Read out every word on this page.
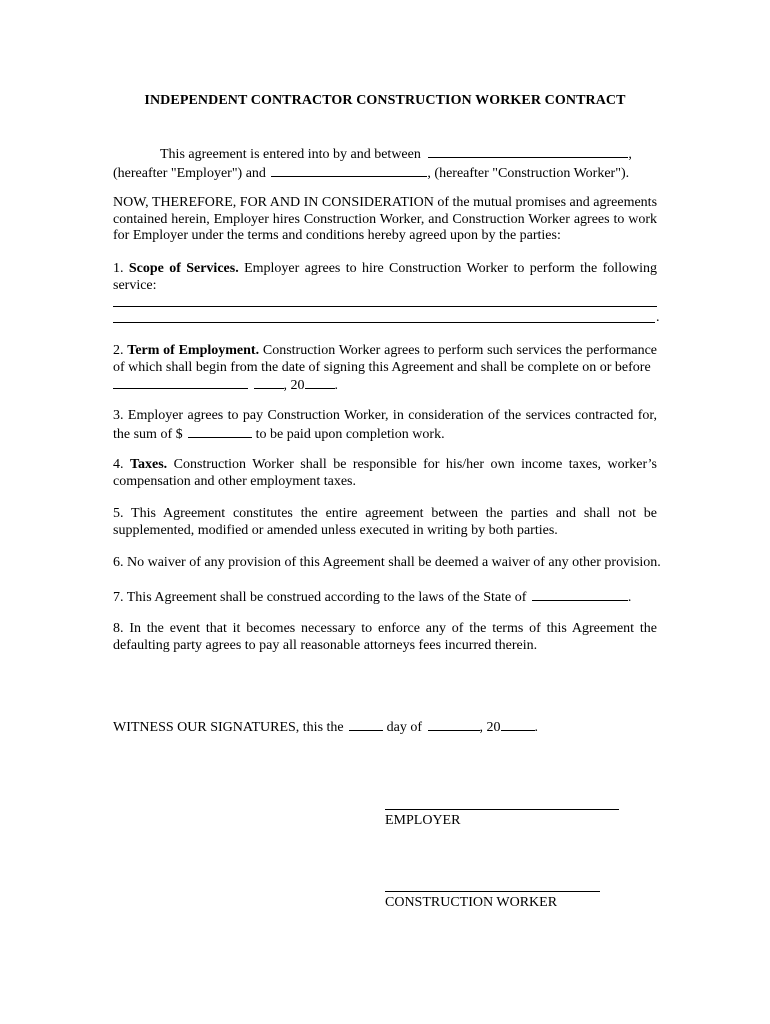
INDEPENDENT CONTRACTOR CONSTRUCTION WORKER CONTRACT
This agreement is entered into by and between	,
(hereafter "Employer") and	, (hereafter "Construction Worker").
NOW, THEREFORE, FOR AND IN CONSIDERATION of the mutual promises and agreements
contained herein, Employer hires Construction Worker, and Construction Worker agrees to work
for Employer under the terms and conditions hereby agreed upon by the parties:
1. Scope of Services. Employer agrees to hire Construction Worker to perform the following
service:
.
2. Term of Employment. Construction Worker agrees to perform such services the performance
of which shall begin from the date of signing this Agreement and shall be complete on or before
, 20 .
3. Employer agrees to pay Construction Worker, in consideration of the services contracted for,
the sum of $	to be paid upon completion work.
4. Taxes. Construction Worker shall be responsible for his/her own income taxes, worker’s
compensation and other employment taxes.
5. This Agreement constitutes the entire agreement between the parties and shall not be
supplemented, modified or amended unless executed in writing by both parties.
6. No waiver of any provision of this Agreement shall be deemed a waiver of any other provision.
7. This Agreement shall be construed according to the laws of the State of	.
8. In the event that it becomes necessary to enforce any of the terms of this Agreement the
defaulting party agrees to pay all reasonable attorneys fees incurred therein.
WITNESS OUR SIGNATURES, this the	day of	, 20 .
EMPLOYER
CONSTRUCTION WORKER
